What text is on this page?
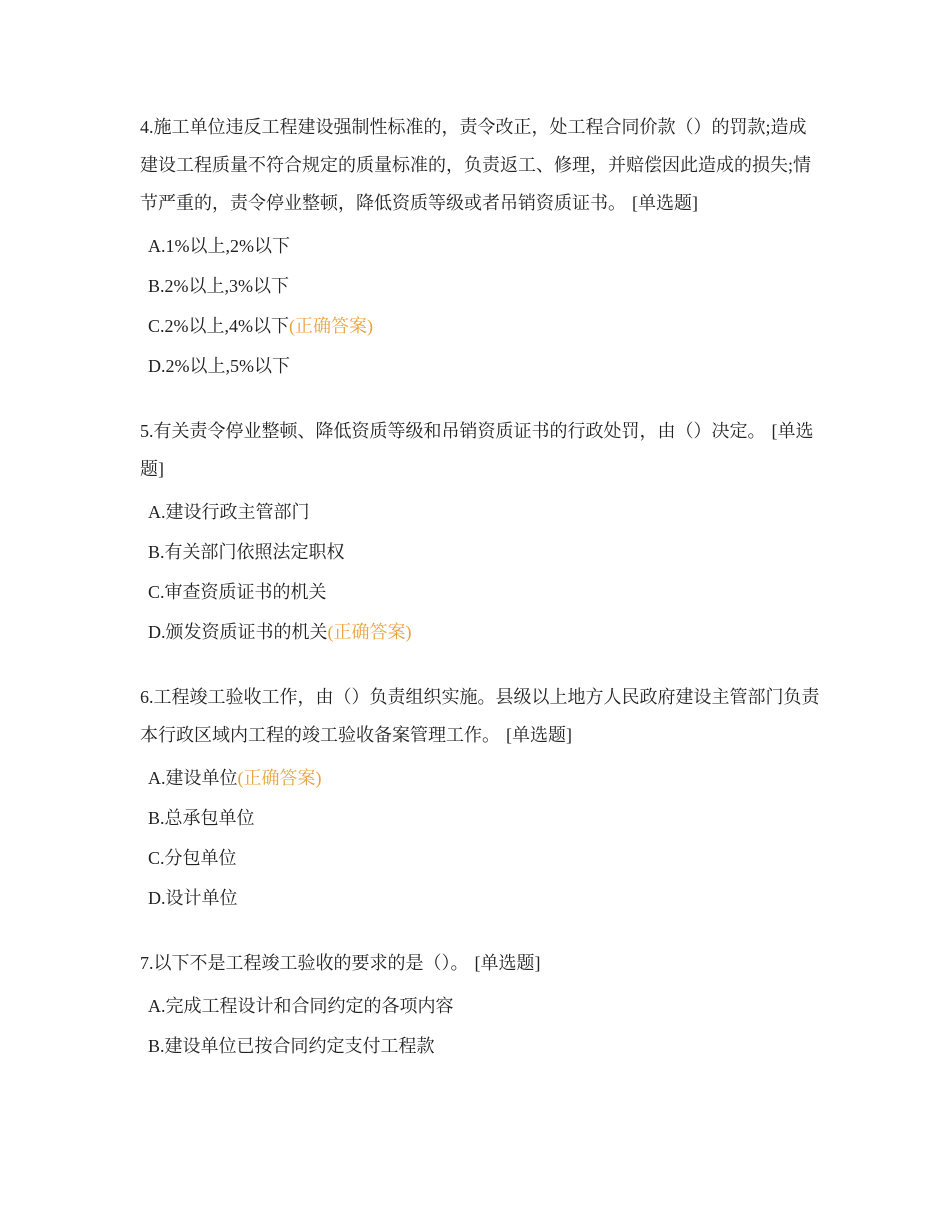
4.施工单位违反工程建设强制性标准的，责令改正，处工程合同价款（）的罚款;造成建设工程质量不符合规定的质量标准的，负责返工、修理，并赔偿因此造成的损失;情节严重的，责令停业整顿，降低资质等级或者吊销资质证书。 [单选题]

A.1%以上,2%以下
B.2%以上,3%以下
C.2%以上,4%以下(正确答案)
D.2%以上,5%以下

5.有关责令停业整顿、降低资质等级和吊销资质证书的行政处罚，由（）决定。 [单选题]

A.建设行政主管部门
B.有关部门依照法定职权
C.审查资质证书的机关
D.颁发资质证书的机关(正确答案)

6.工程竣工验收工作，由（）负责组织实施。县级以上地方人民政府建设主管部门负责本行政区域内工程的竣工验收备案管理工作。 [单选题]

A.建设单位(正确答案)
B.总承包单位
C.分包单位
D.设计单位

7.以下不是工程竣工验收的要求的是（）。 [单选题]

A.完成工程设计和合同约定的各项内容
B.建设单位已按合同约定支付工程款
